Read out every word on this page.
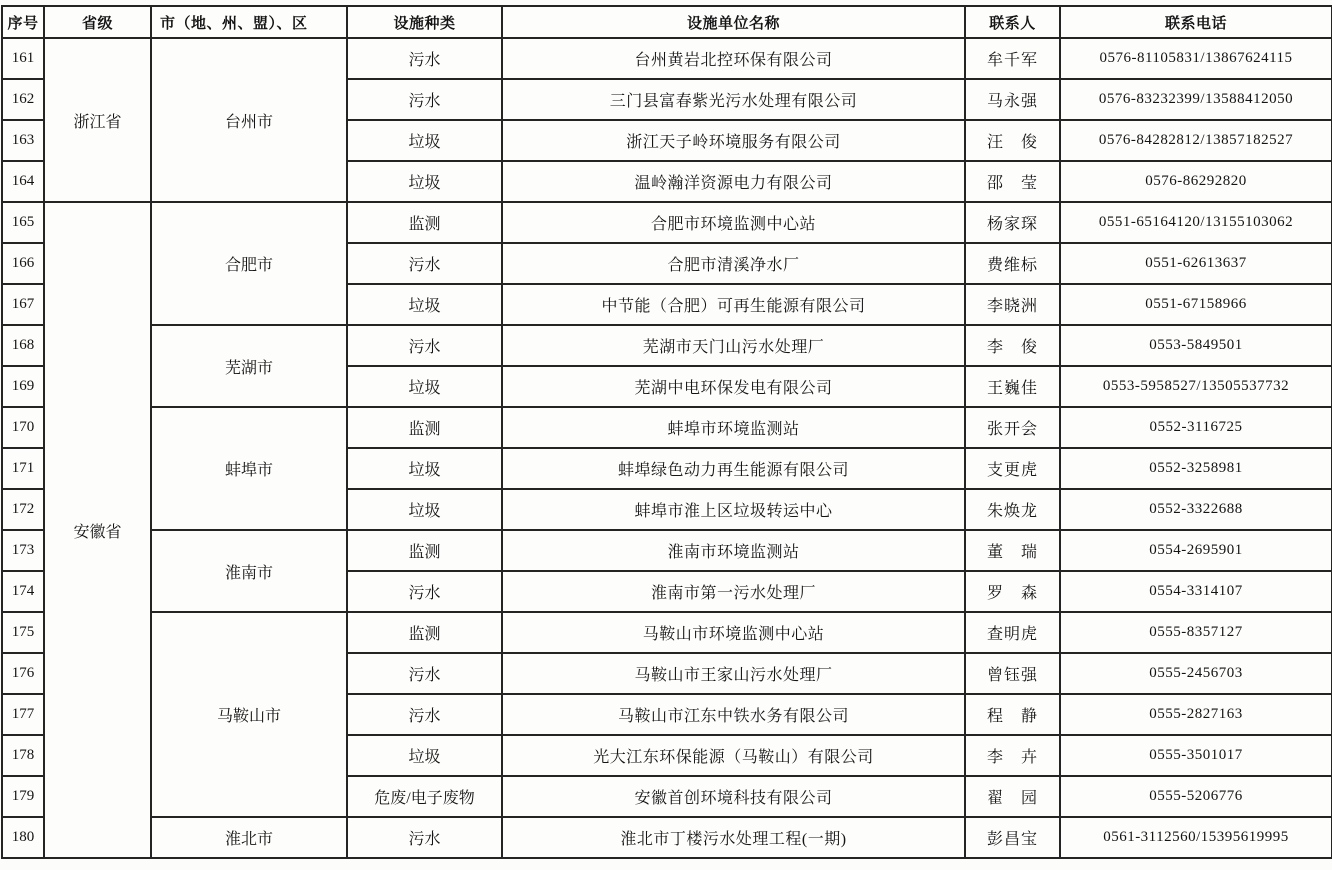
序号	省级	市（地、州、盟）、区	设施种类	设施单位名称	联系人	联系电话
161	浙江省	台州市	污水	台州黄岩北控环保有限公司	牟千军	0576-81105831/13867624115
162			污水	三门县富春紫光污水处理有限公司	马永强	0576-83232399/13588412050
163			垃圾	浙江天子岭环境服务有限公司	汪　俊	0576-84282812/13857182527
164			垃圾	温岭瀚洋资源电力有限公司	邵　莹	0576-86292820
165	安徽省	合肥市	监测	合肥市环境监测中心站	杨家琛	0551-65164120/13155103062
166			污水	合肥市清溪净水厂	费维标	0551-62613637
167			垃圾	中节能（合肥）可再生能源有限公司	李晓洲	0551-67158966
168		芜湖市	污水	芜湖市天门山污水处理厂	李　俊	0553-5849501
169			垃圾	芜湖中电环保发电有限公司	王巍佳	0553-5958527/13505537732
170		蚌埠市	监测	蚌埠市环境监测站	张开会	0552-3116725
171			垃圾	蚌埠绿色动力再生能源有限公司	支更虎	0552-3258981
172			垃圾	蚌埠市淮上区垃圾转运中心	朱焕龙	0552-3322688
173		淮南市	监测	淮南市环境监测站	董　瑞	0554-2695901
174			污水	淮南市第一污水处理厂	罗　森	0554-3314107
175		马鞍山市	监测	马鞍山市环境监测中心站	查明虎	0555-8357127
176			污水	马鞍山市王家山污水处理厂	曾钰强	0555-2456703
177			污水	马鞍山市江东中铁水务有限公司	程　静	0555-2827163
178			垃圾	光大江东环保能源（马鞍山）有限公司	李　卉	0555-3501017
179			危废/电子废物	安徽首创环境科技有限公司	翟　园	0555-5206776
180		淮北市	污水	淮北市丁楼污水处理工程(一期)	彭昌宝	0561-3112560/15395619995
